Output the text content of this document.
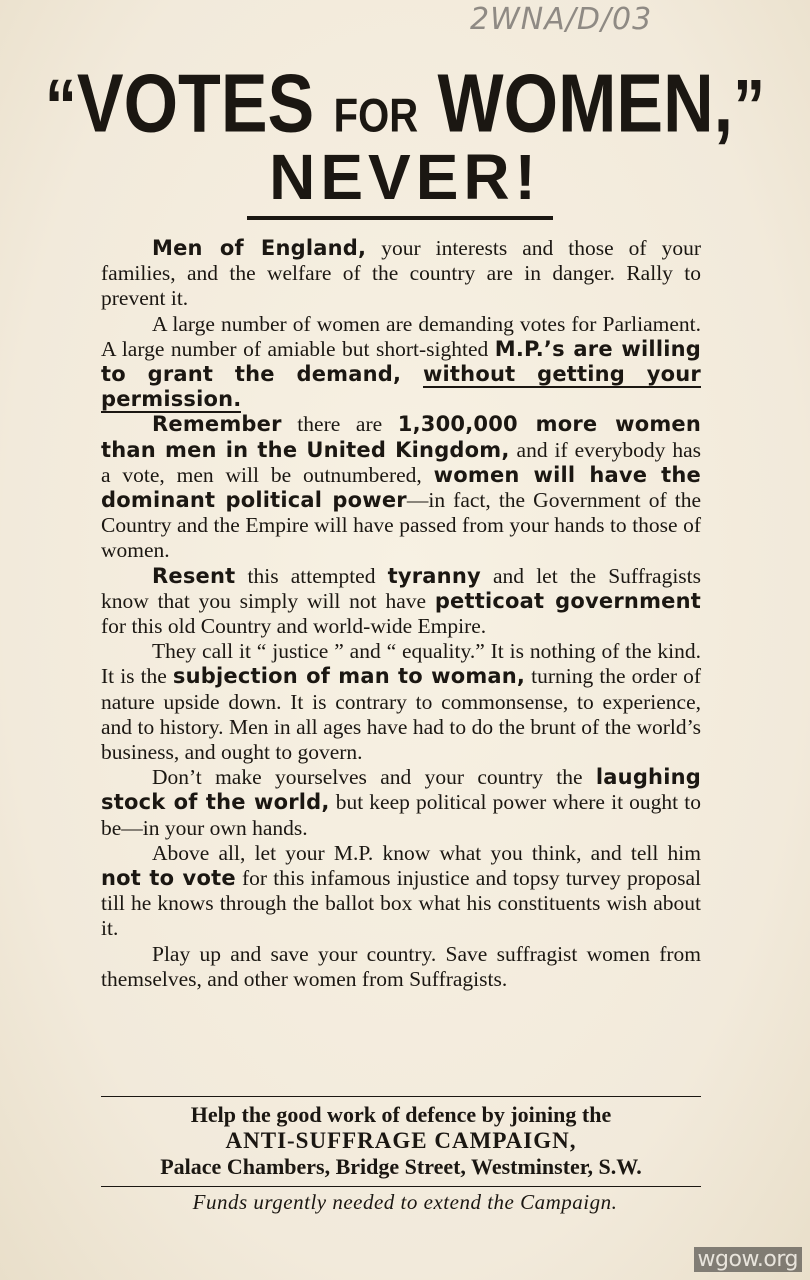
2WNA/D/03
“VOTES FOR WOMEN,”
NEVER!

Men of England, your interests and those of your families, and the welfare of the country are in danger. Rally to prevent it.

A large number of women are demanding votes for Parliament. A large number of amiable but short-sighted M.P.’s are willing to grant the demand, without getting your permission.

Remember there are 1,300,000 more women than men in the United Kingdom, and if everybody has a vote, men will be outnumbered, women will have the dominant political power—in fact, the Government of the Country and the Empire will have passed from your hands to those of women.

Resent this attempted tyranny and let the Suffragists know that you simply will not have petticoat government for this old Country and world-wide Empire.

They call it “ justice ” and “ equality.” It is nothing of the kind. It is the subjection of man to woman, turning the order of nature upside down. It is contrary to commonsense, to experience, and to history. Men in all ages have had to do the brunt of the world’s business, and ought to govern.

Don’t make yourselves and your country the laughing stock of the world, but keep political power where it ought to be—in your own hands.

Above all, let your M.P. know what you think, and tell him not to vote for this infamous injustice and topsy turvey proposal till he knows through the ballot box what his constituents wish about it.

Play up and save your country. Save suffragist women from themselves, and other women from Suffragists.

Help the good work of defence by joining the
ANTI-SUFFRAGE CAMPAIGN,
Palace Chambers, Bridge Street, Westminster, S.W.
Funds urgently needed to extend the Campaign.
wgow.org
